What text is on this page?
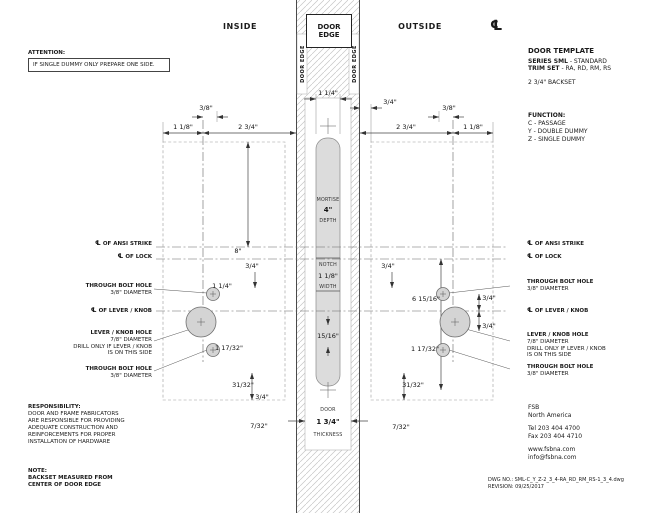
DOOR EDGE	DOOR EDGE
1 1/4"
3/8"
1 1/8"	2 3/4"
8"
3/4"
1 1/4"
1 17/32"
31/32"
3/4"
7/32"
3/4"
3/8"
2 3/4"	1 1/8"
3/4"
6 15/16"	3/4"
3/4"
1 17/32"
31/32"
7/32"
MORTISE
4"
DEPTH
NOTCH
1 1/8"
WIDTH
15/16"
DOOR
1 3/4"
THICKNESS
INSIDE	DOOR
EDGE
OUTSIDE	℄
ATTENTION:
IF SINGLE DUMMY ONLY PREPARE ONE SIDE.
DOOR TEMPLATE
SERIES SML - STANDARD
TRIM SET - RA, RD, RM, RS
2 3/4" BACKSET
FUNCTION:
C - PASSAGE
Y - DOUBLE DUMMY
Z - SINGLE DUMMY
℄ OF ANSI STRIKE
℄ OF LOCK
THROUGH BOLT HOLE
3/8" DIAMETER
℄ OF LEVER / KNOB
LEVER / KNOB HOLE
7/8" DIAMETER
DRILL ONLY IF LEVER / KNOB
IS ON THIS SIDE
THROUGH BOLT HOLE
3/8" DIAMETER
℄ OF ANSI STRIKE
℄ OF LOCK
THROUGH BOLT HOLE
3/8" DIAMETER
℄ OF LEVER / KNOB
LEVER / KNOB HOLE
7/8" DIAMETER
DRILL ONLY IF LEVER / KNOB
IS ON THIS SIDE
THROUGH BOLT HOLE
3/8" DIAMETER
RESPONSIBILITY:
DOOR AND FRAME FABRICATORS
ARE RESPONSIBLE FOR PROVIDING
ADEQUATE CONSTRUCTION AND
REINFORCEMENTS FOR PROPER
INSTALLATION OF HARDWARE
NOTE:
BACKSET MEASURED FROM
CENTER OF DOOR EDGE
FSB
North America
Tel 203 404 4700
Fax 203 404 4710
www.fsbna.com
info@fsbna.com
DWG NO.: SML-C_Y_Z-2_3_4-RA_RD_RM_RS-1_3_4.dwg
REVISION: 09/25/2017
